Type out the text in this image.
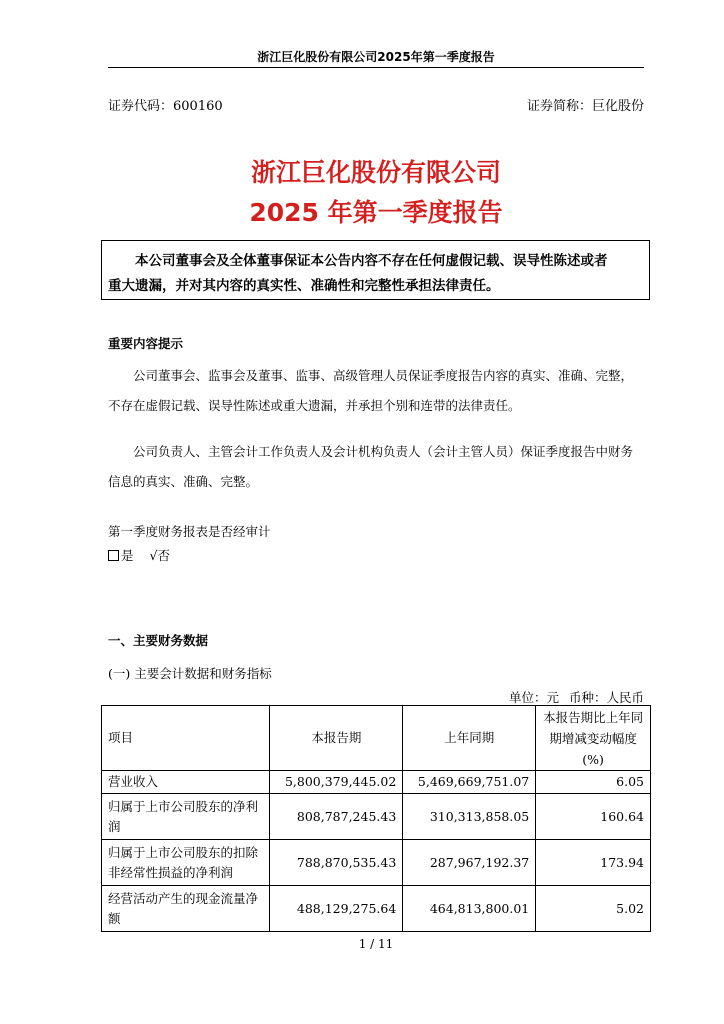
浙江巨化股份有限公司2025年第一季度报告
证券代码：600160	证券简称：巨化股份
浙江巨化股份有限公司
2025 年第一季度报告
本公司董事会及全体董事保证本公告内容不存在任何虚假记载、误导性陈述或者
重大遗漏，并对其内容的真实性、准确性和完整性承担法律责任。
重要内容提示
公司董事会、监事会及董事、监事、高级管理人员保证季度报告内容的真实、准确、完整，不存在虚假记载、误导性陈述或重大遗漏，并承担个别和连带的法律责任。
公司负责人、主管会计工作负责人及会计机构负责人（会计主管人员）保证季度报告中财务信息的真实、准确、完整。
第一季度财务报表是否经审计
是 √否
一、主要财务数据
(一) 主要会计数据和财务指标
单位：元 币种：人民币
项目	本报告期	上年同期	本报告期比上年同
期增减变动幅度
(%)

营业收入	5,800,379,445.02	5,469,669,751.07	6.05
归属于上市公司股东的净利润	808,787,245.43	310,313,858.05	160.64
归属于上市公司股东的扣除非经常性损益的净利润	788,870,535.43	287,967,192.37	173.94
经营活动产生的现金流量净额	488,129,275.64	464,813,800.01	5.02
1 / 11
